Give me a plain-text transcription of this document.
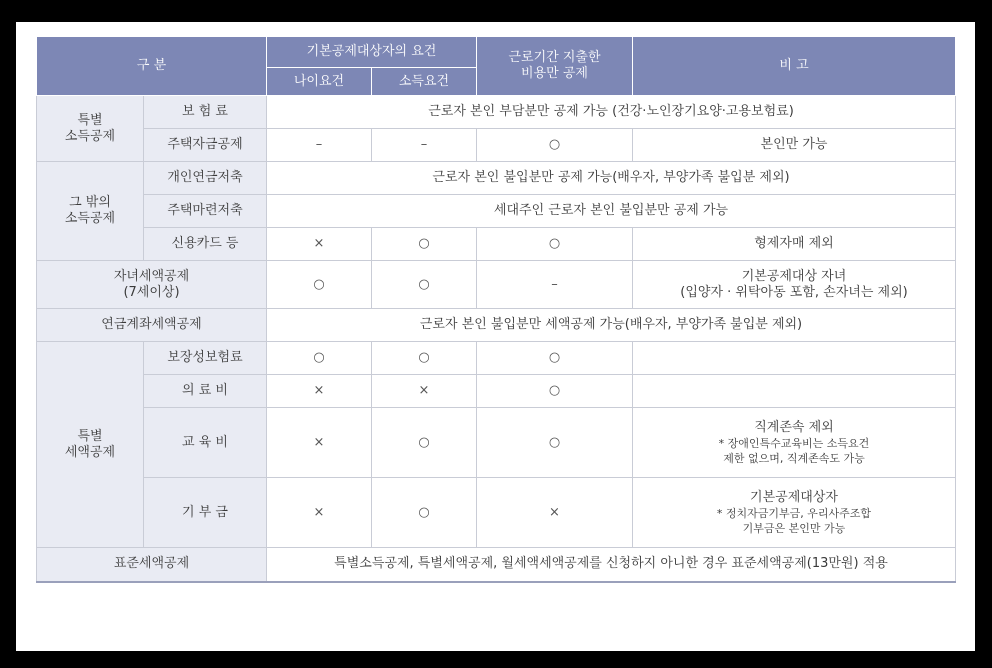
구 분		기본공제대상자의 요건		근로기간 지출한
비용만 공제	비 고
		나이요건	소득요건		
특별
소득공제	보 험 료	근로자 본인 부담분만 공제 가능 (건강·노인장기요양·고용보험료)			
	주택자금공제	–	–	○	본인만 가능
그 밖의
소득공제	개인연금저축	근로자 본인 불입분만 공제 가능(배우자, 부양가족 불입분 제외)			
	주택마련저축	세대주인 근로자 본인 불입분만 공제 가능			
	신용카드 등	×	○	○	형제자매 제외
자녀세액공제
(7세이상)		○	○	–	기본공제대상 자녀
(입양자 · 위탁아동 포함, 손자녀는 제외)
연금계좌세액공제		근로자 본인 불입분만 세액공제 가능(배우자, 부양가족 불입분 제외)			
특별
세액공제	보장성보험료	○	○	○	
	의 료 비	×	×	○	
	교 육 비	×	○	○	직계존속 제외
* 장애인특수교육비는 소득요건
제한 없으며, 직계존속도 가능

	기 부 금	×	○	×	기본공제대상자
* 정치자금기부금, 우리사주조합
기부금은 본인만 가능

표준세액공제		특별소득공제, 특별세액공제, 월세액세액공제를 신청하지 아니한 경우 표준세액공제(13만원) 적용			
